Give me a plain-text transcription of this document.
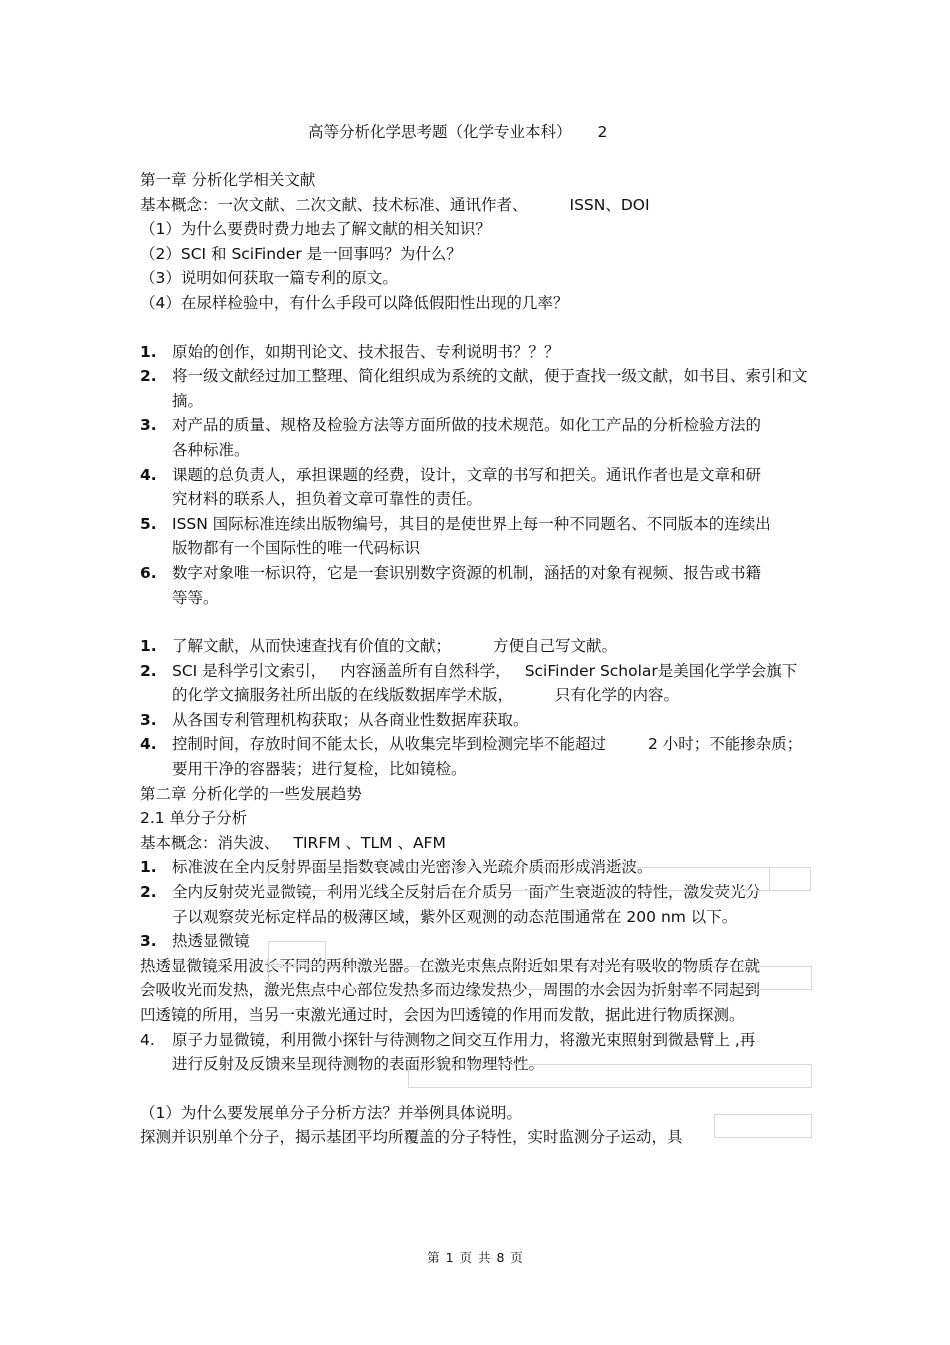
高等分析化学思考题（化学专业本科） 2
第一章 分析化学相关文献
基本概念：一次文献、二次文献、技术标准、通讯作者、	ISSN、DOI
（1）为什么要费时费力地去了解文献的相关知识？
（2）SCI 和 SciFinder 是一回事吗？为什么？
（3）说明如何获取一篇专利的原文。
（4）在尿样检验中，有什么手段可以降低假阳性出现的几率？
1. 原始的创作，如期刊论文、技术报告、专利说明书？？？
2. 将一级文献经过加工整理、简化组织成为系统的文献，便于查找一级文献，如书目、索引和文摘。
3. 对产品的质量、规格及检验方法等方面所做的技术规范。如化工产品的分析检验方法的各种标准。
4. 课题的总负责人，承担课题的经费，设计，文章的书写和把关。通讯作者也是文章和研究材料的联系人，担负着文章可靠性的责任。
5. ISSN 国际标准连续出版物编号，其目的是使世界上每一种不同题名、不同版本的连续出版物都有一个国际性的唯一代码标识
6. 数字对象唯一标识符，它是一套识别数字资源的机制，涵括的对象有视频、报告或书籍等等。
1. 了解文献，从而快速查找有价值的文献；	方便自己写文献。
2. SCI 是科学引文索引， 内容涵盖所有自然科学， SciFinder Scholar是美国化学学会旗下的化学文摘服务社所出版的在线版数据库学术版，	只有化学的内容。
3. 从各国专利管理机构获取；从各商业性数据库获取。
4. 控制时间，存放时间不能太长，从收集完毕到检测完毕不能超过	2 小时；不能掺杂质；要用干净的容器装；进行复检，比如镜检。
第二章 分析化学的一些发展趋势
2.1 单分子分析
基本概念：消失波、 TIRFM 、TLM 、AFM
1. 标准波在全内反射界面呈指数衰减由光密渗入光疏介质而形成消逝波。
2. 全内反射荧光显微镜，利用光线全反射后在介质另一面产生衰逝波的特性，激发荧光分子以观察荧光标定样品的极薄区域，紫外区观测的动态范围通常在 200 nm 以下。
3. 热透显微镜
热透显微镜采用波长不同的两种激光器。在激光束焦点附近如果有对光有吸收的物质存在就会吸收光而发热，激光焦点中心部位发热多而边缘发热少，周围的水会因为折射率不同起到凹透镜的所用，当另一束激光通过时，会因为凹透镜的作用而发散，据此进行物质探测。
4.	原子力显微镜，利用微小探针与待测物之间交互作用力，将激光束照射到微悬臂上 ,再进行反射及反馈来呈现待测物的表面形貌和物理特性。
（1）为什么要发展单分子分析方法？并举例具体说明。
探测并识别单个分子，揭示基团平均所覆盖的分子特性，实时监测分子运动，具
第 1 页 共 8 页
